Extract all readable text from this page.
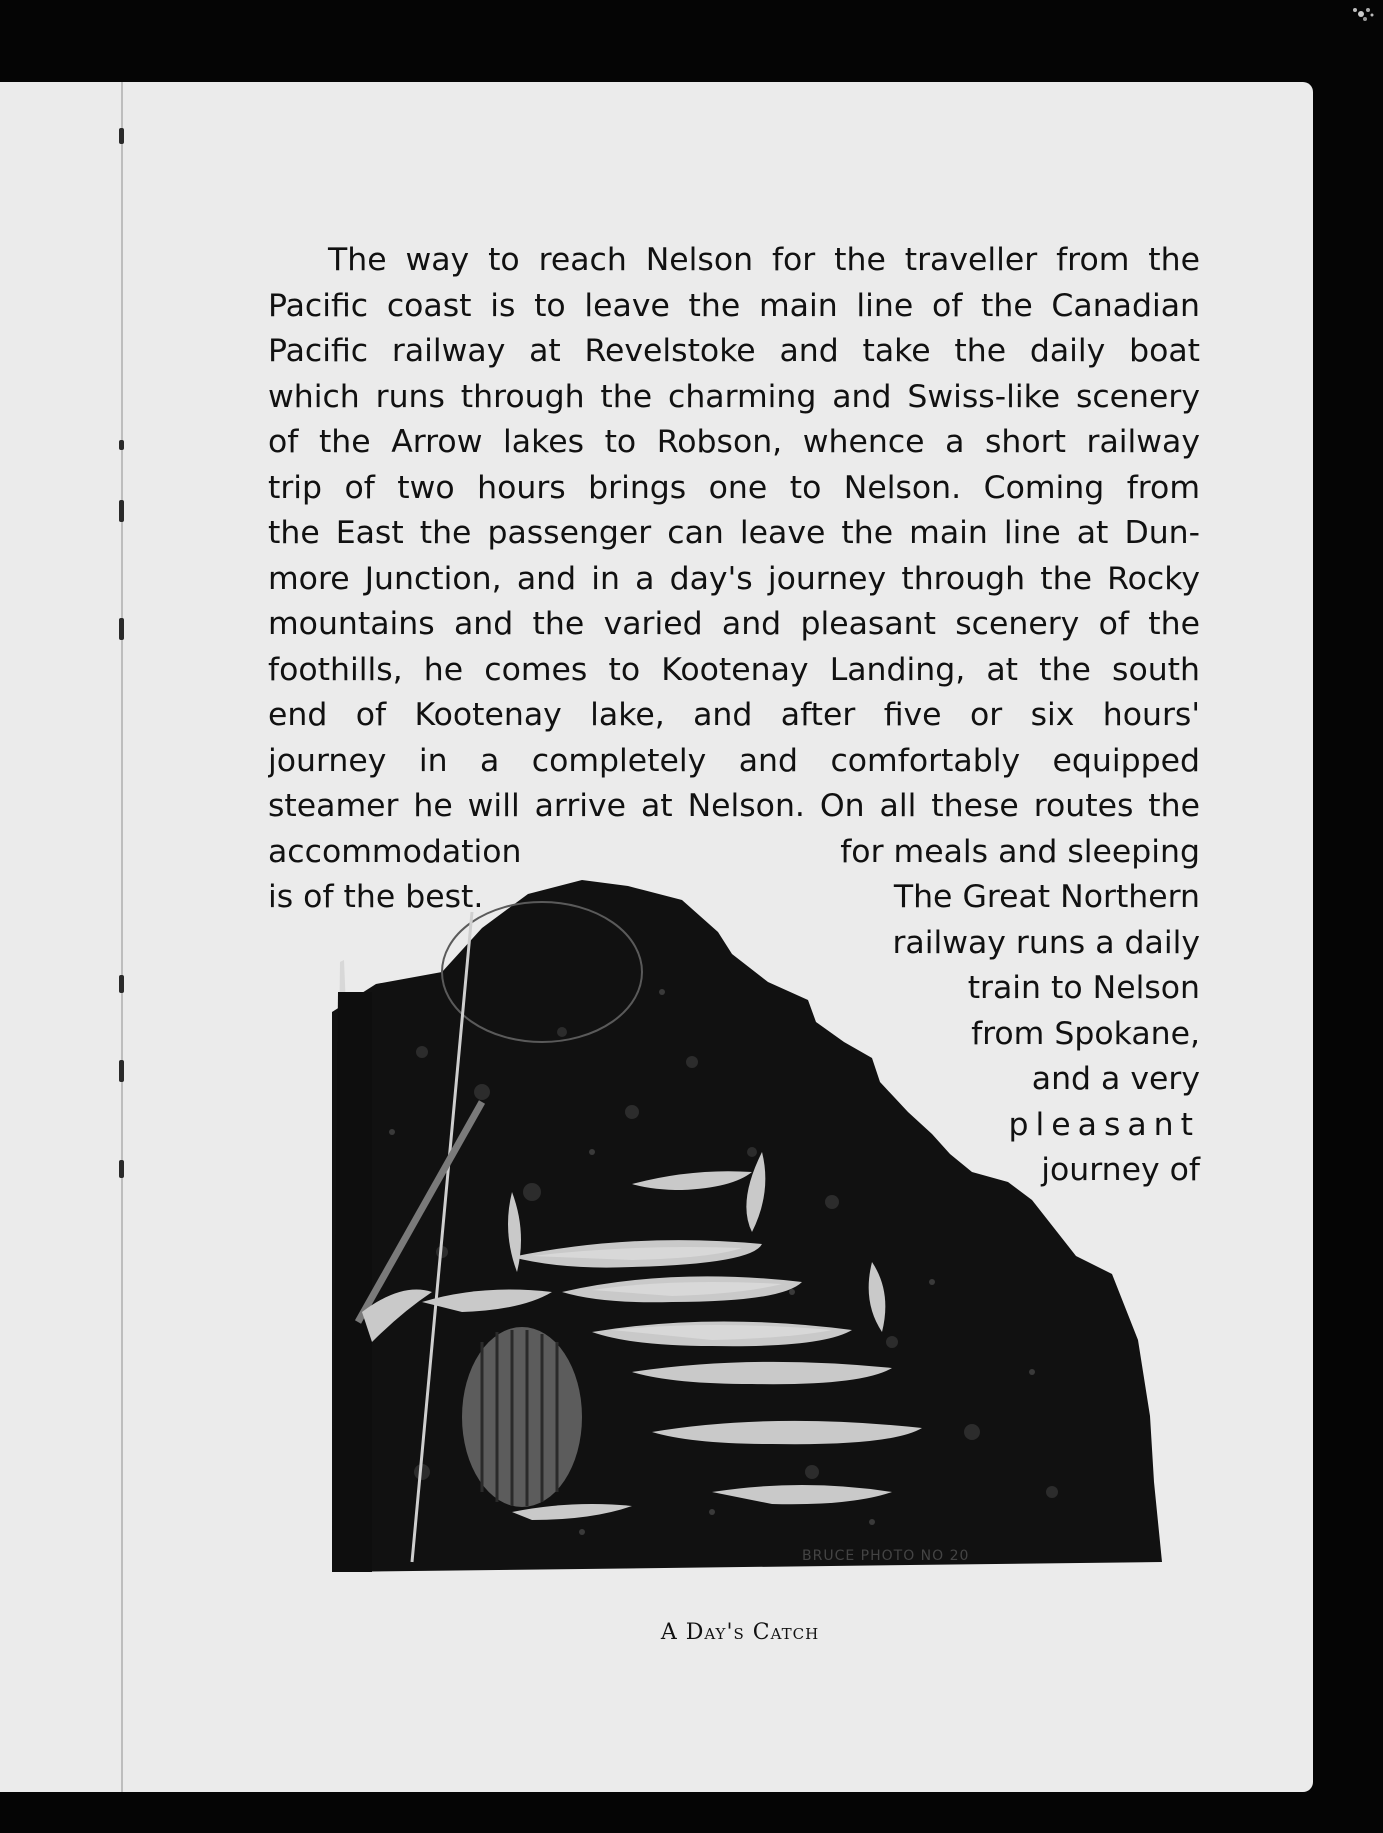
The way to reach Nelson for the traveller from the
Pacific coast is to leave the main line of the Canadian
Pacific railway at Revelstoke and take the daily boat
which runs through the charming and Swiss-like scenery
of the Arrow lakes to Robson, whence a short railway
trip of two hours brings one to Nelson. Coming from
the East the passenger can leave the main line at Dun-
more Junction, and in a day's journey through the Rocky
mountains and the varied and pleasant scenery of the
foothills, he comes to Kootenay Landing, at the south
end of Kootenay lake, and after five or six hours'
journey in a completely and comfortably equipped
steamer he will arrive at Nelson. On all these routes the
accommodation	for meals and sleeping
is of the best.	The Great Northern
railway runs a daily
train to Nelson
from Spokane,
and a very
pleasant
journey of
BRUCE PHOTO NO 20
A Day's Catch
